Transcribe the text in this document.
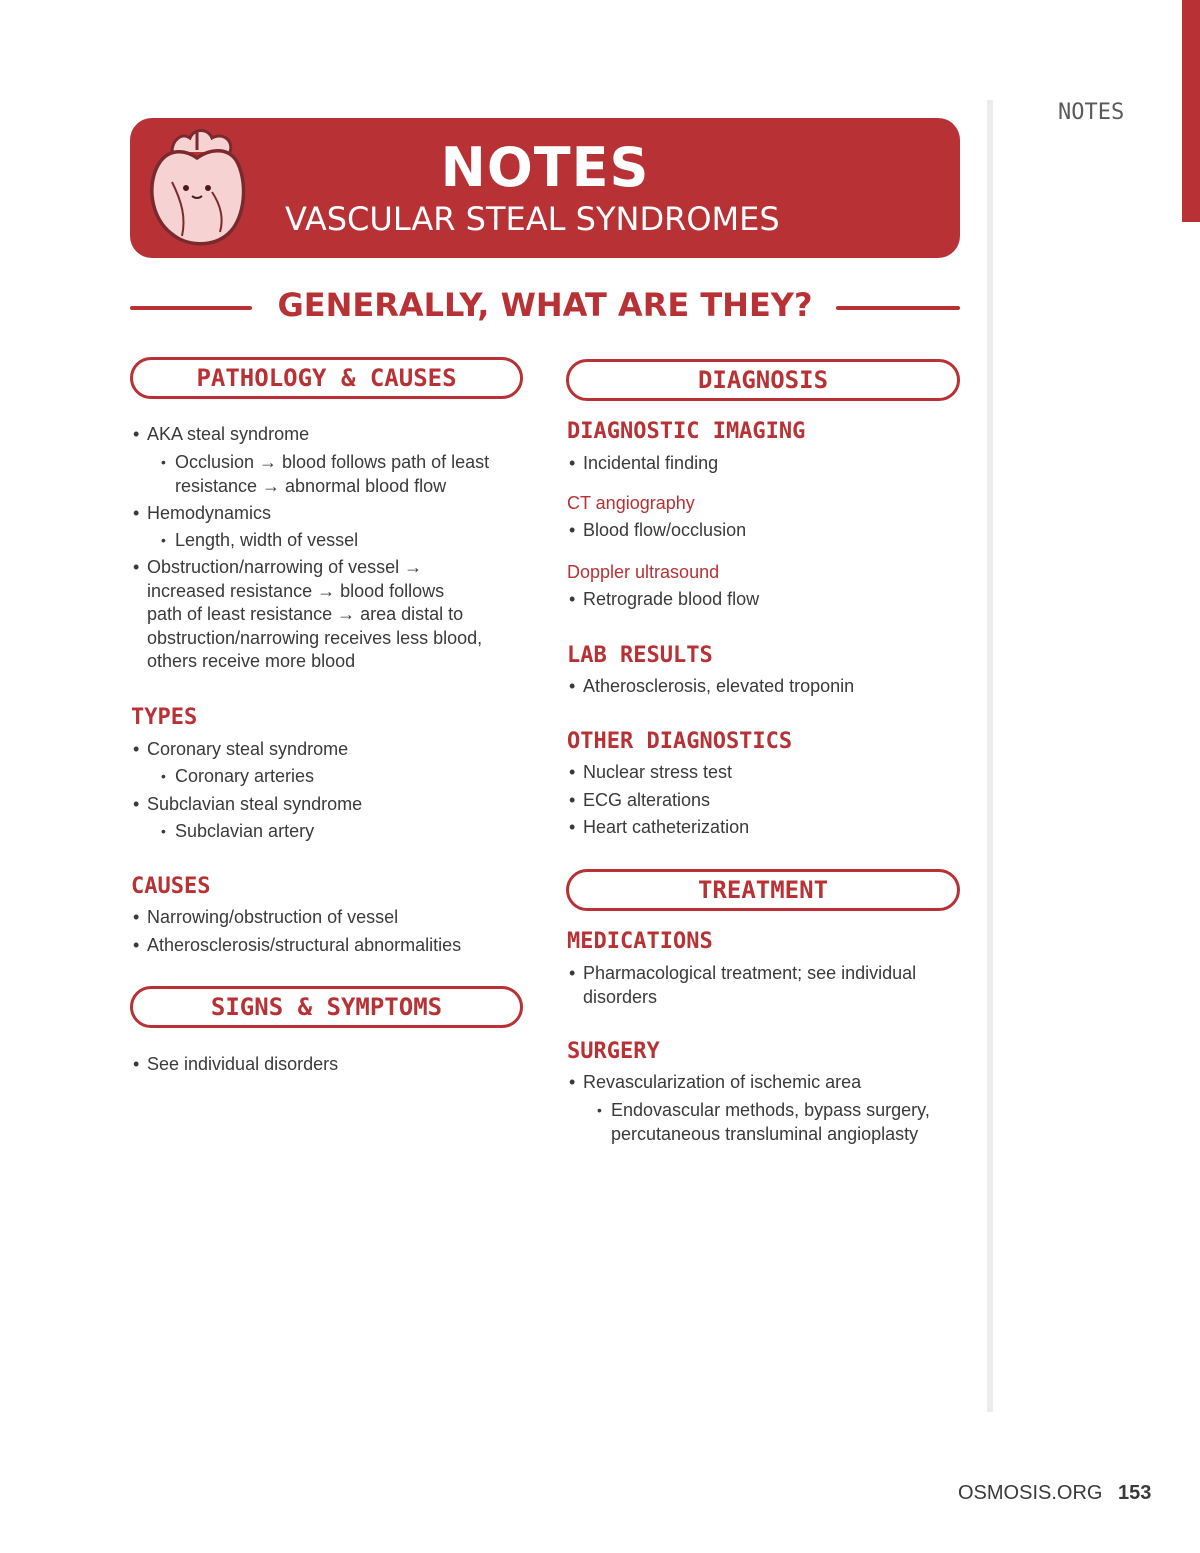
NOTES
NOTES
VASCULAR STEAL SYNDROMES
GENERALLY, WHAT ARE THEY?
PATHOLOGY & CAUSES
• AKA steal syndrome
• Occlusion → blood follows path of least
resistance → abnormal blood flow
• Hemodynamics
• Length, width of vessel
• Obstruction/narrowing of vessel →
increased resistance → blood follows
path of least resistance → area distal to
obstruction/narrowing receives less blood,
others receive more blood
TYPES
• Coronary steal syndrome
• Coronary arteries
• Subclavian steal syndrome
• Subclavian artery
CAUSES
• Narrowing/obstruction of vessel
• Atherosclerosis/structural abnormalities
SIGNS & SYMPTOMS
• See individual disorders
DIAGNOSIS
DIAGNOSTIC IMAGING
• Incidental finding
CT angiography
• Blood flow/occlusion
Doppler ultrasound
• Retrograde blood flow
LAB RESULTS
• Atherosclerosis, elevated troponin
OTHER DIAGNOSTICS
• Nuclear stress test
• ECG alterations
• Heart catheterization
TREATMENT
MEDICATIONS
• Pharmacological treatment; see individual
disorders
SURGERY
• Revascularization of ischemic area
• Endovascular methods, bypass surgery,
percutaneous transluminal angioplasty
OSMOSIS.ORG 153
